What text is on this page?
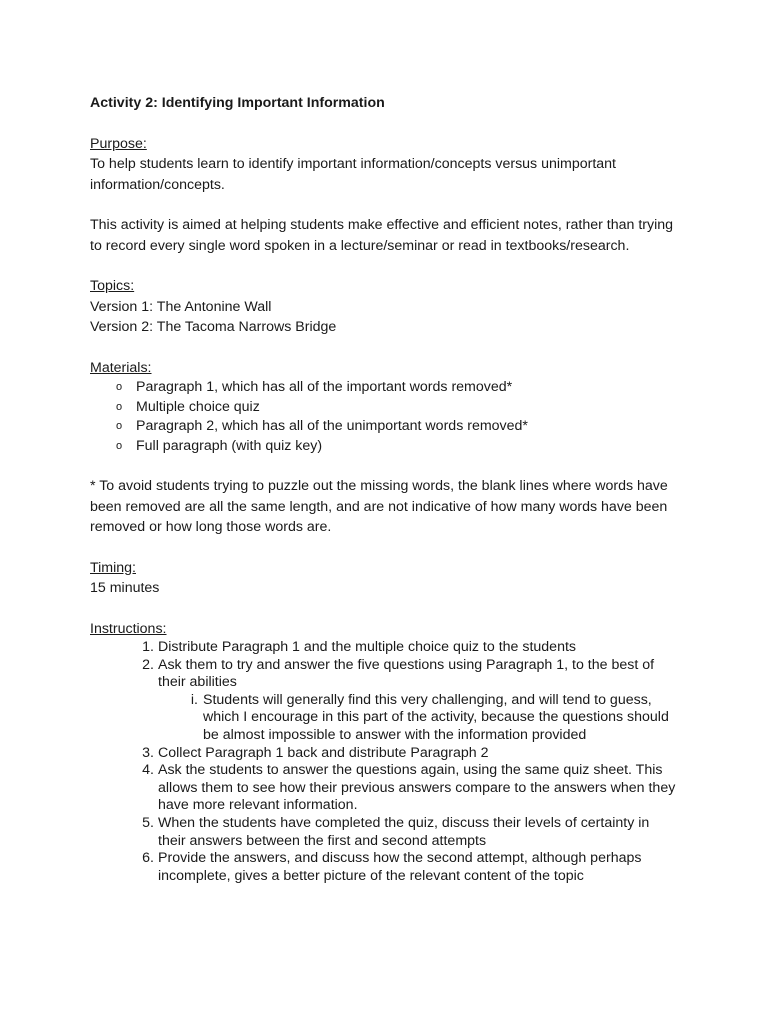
Activity 2: Identifying Important Information

Purpose:

To help students learn to identify important information/concepts versus unimportant information/concepts.

This activity is aimed at helping students make effective and efficient notes, rather than trying to record every single word spoken in a lecture/seminar or read in textbooks/research.

Topics:

Version 1: The Antonine Wall

Version 2: The Tacoma Narrows Bridge

Materials:

o Paragraph 1, which has all of the important words removed*
o Multiple choice quiz
o Paragraph 2, which has all of the unimportant words removed*
o Full paragraph (with quiz key)

* To avoid students trying to puzzle out the missing words, the blank lines where words have been removed are all the same length, and are not indicative of how many words have been removed or how long those words are.

Timing:

15 minutes

Instructions:

1. Distribute Paragraph 1 and the multiple choice quiz to the students
2. Ask them to try and answer the five questions using Paragraph 1, to the best of their abilities
i. Students will generally find this very challenging, and will tend to guess, which I encourage in this part of the activity, because the questions should be almost impossible to answer with the information provided
3. Collect Paragraph 1 back and distribute Paragraph 2
4. Ask the students to answer the questions again, using the same quiz sheet. This allows them to see how their previous answers compare to the answers when they have more relevant information.
5. When the students have completed the quiz, discuss their levels of certainty in their answers between the first and second attempts
6. Provide the answers, and discuss how the second attempt, although perhaps incomplete, gives a better picture of the relevant content of the topic
